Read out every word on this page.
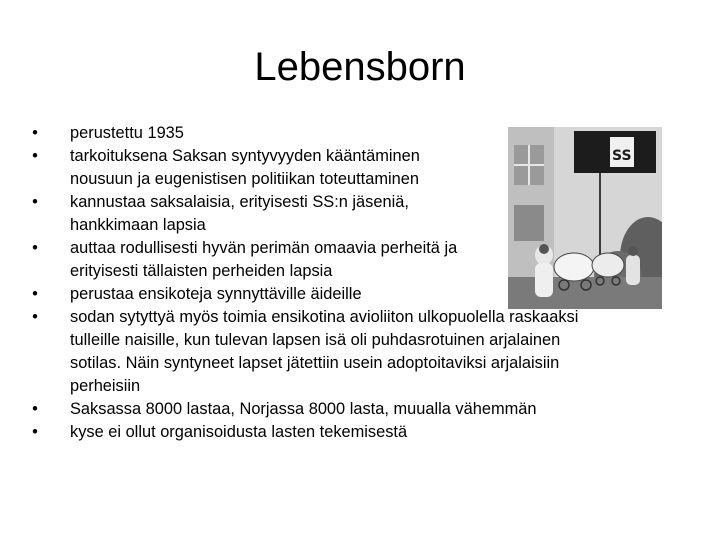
Lebensborn
SS
• perustettu 1935
• tarkoituksena Saksan syntyvyyden kääntäminen
nousuun ja eugenistisen politiikan toteuttaminen
• kannustaa saksalaisia, erityisesti SS:n jäseniä,
hankkimaan lapsia
• auttaa rodullisesti hyvän perimän omaavia perheitä ja
erityisesti tällaisten perheiden lapsia
• perustaa ensikoteja synnyttäville äideille
• sodan sytyttyä myös toimia ensikotina avioliiton ulkopuolella raskaaksi
tulleille naisille, kun tulevan lapsen isä oli puhdasrotuinen arjalainen
sotilas. Näin syntyneet lapset jätettiin usein adoptoitaviksi arjalaisiin
perheisiin
• Saksassa 8000 lastaa, Norjassa 8000 lasta, muualla vähemmän
• kyse ei ollut organisoidusta lasten tekemisestä
